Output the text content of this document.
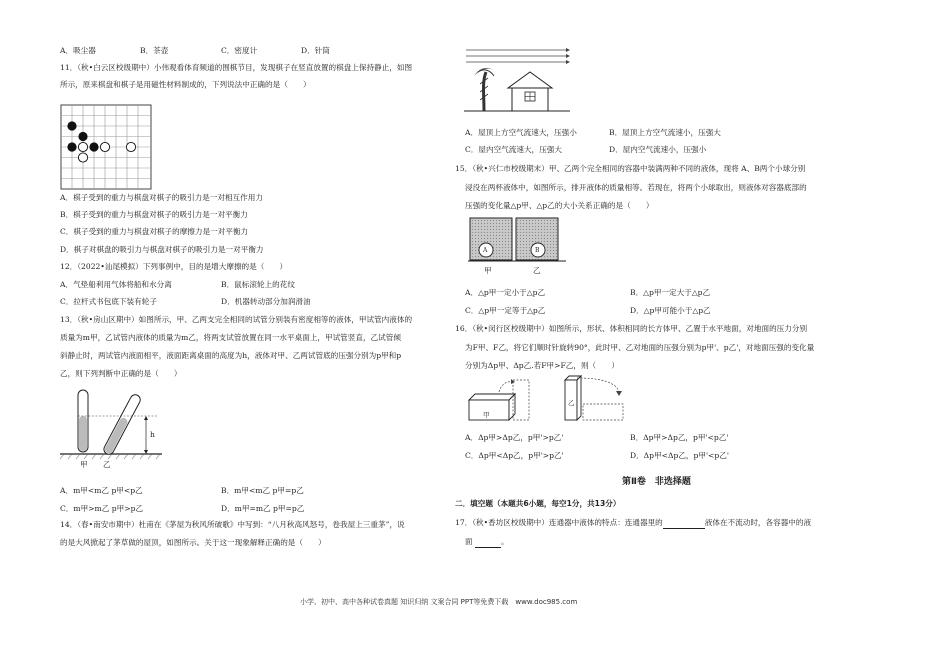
A．吸尘器	B．茶壶	C．密度计	D．针筒
11．（秋•白云区校级期中）小伟观看体育频道的围棋节目，发现棋子在竖直放置的棋盘上保持静止，如图
所示，原来棋盘和棋子是用磁性材料制成的，下列说法中正确的是（　　）
A．棋子受到的重力与棋盘对棋子的吸引力是一对相互作用力
B．棋子受到的重力与棋盘对棋子的吸引力是一对平衡力
C．棋子受到的重力与棋盘对棋子的摩擦力是一对平衡力
D．棋子对棋盘的吸引力与棋盘对棋子的吸引力是一对平衡力
12．（2022•汕尾模拟）下列事例中，目的是增大摩擦的是（　　）
A．气垫船利用气体将船和水分离	B．鼠标滚轮上的花纹
C．拉杆式书包底下装有轮子	D．机器转动部分加润滑油
13．（秋•房山区期中）如图所示，甲、乙两支完全相同的试管分别装有密度相等的液体，甲试管内液体的
质量为m甲，乙试管内液体的质量为m乙，将两支试管放置在同一水平桌面上，甲试管竖直，乙试管倾
斜静止时，两试管内液面相平，液面距离桌面的高度为h，液体对甲、乙两试管底的压强分别为p甲和p
乙，则下列判断中正确的是（　　）
h
甲 乙
A．m甲<m乙 p甲<p乙	B．m甲<m乙 p甲=p乙
C．m甲>m乙 p甲>p乙	D．m甲=m乙 p甲=p乙
14．（春•南安市期中）杜甫在《茅屋为秋风所破歌》中写到：“八月秋高风怒号，卷我屋上三重茅”，说
的是大风掀起了茅草做的屋顶，如图所示。关于这一现象解释正确的是（　　）
A．屋顶上方空气流速大，压强小	B．屋顶上方空气流速小，压强大
C．屋内空气流速大，压强大	D．屋内空气流速小，压强小
15．（秋•兴仁市校级期末）甲、乙两个完全相同的容器中装满两种不同的液体，现将 A、B两个小球分别
浸没在两杯液体中，如图所示，排开液体的质量相等。若现在，将两个小球取出，则液体对容器底部的
压强的变化量△p甲、△p乙的大小关系正确的是（　　）
A	B
甲	乙
A．△p甲一定小于△p乙	B．△p甲一定大于△p乙
C．△p甲一定等于△p乙	D．△p甲可能小于△p乙
16．（秋•闵行区校级期中）如图所示，形状、体积相同的长方体甲、乙置于水平地面，对地面的压力分别
为F甲、F乙，将它们顺时针旋转90°，此时甲、乙对地面的压强分别为p甲'、p乙'，对地面压强的变化量
分别为Δp甲、Δp乙.若F甲>F乙，则（　　）
甲
乙
A．Δp甲>Δp乙，p甲'>p乙'	B．Δp甲>Δp乙，p甲'<p乙'
C．Δp甲<Δp乙，p甲'>p乙'	D．Δp甲<Δp乙，p甲'<p乙'
第Ⅱ卷　非选择题
二．填空题（本题共6小题，每空1分，共13分）
17．（秋•香坊区校级期中）连通器中液体的特点：连通器里的	液体在不流动时，各容器中的液
面	。
小学、初中、高中各种试卷真题 知识归纳 文案合同 PPT等免费下载　www.doc985.com
